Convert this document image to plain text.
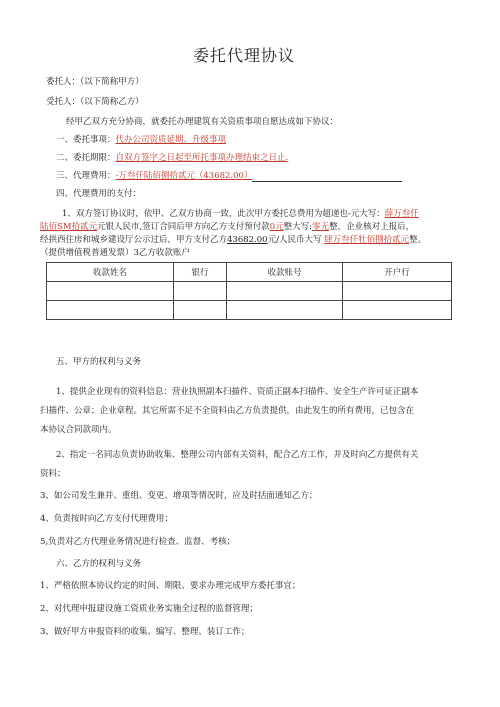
委托代理协议
委托人：（以下简称甲方）
受托人：（以下简称乙方）
经甲乙双方充分协商，就委托办理建筑有关资质事项自愿达成如下协议：
一、委托事项：代办公司资质延期、升级事项
二、委托期限：自双方签字之日起至所托事项办理结束之日止.
三、代理费用：-万叁仟陆佰捌拾贰元（43682.00）
四、代理费用的支付：
1、双方签订协议时，依甲、乙双方协商一致，此次甲方委托总费用为超递也-元大写：薛万叁仟
陆佰SM拾贰元元银人民市,签订合同后甲方向乙方支付预付款0元整大写:零无整，企业核对上报后，
经拱西住房和城乡建设厅公示过后，甲方支付乙方43682.00元/人民币大写 肆万叁仟牡佰捌拾贰元整。
（提供增值税普通发票）3乙方收款账户
收款姓名	银行	收款账号	开户行

五、甲方的权利与义务
1、提供企业现有的资料信息：营业执照副本扫描件、资质正副本扫描件、安全生产许可证正副本
扫描件、公章；企业章程。其它所需不足不全资料由乙方负责提供，由此发生的所有费用，已包含在
本协议合同款项内。
2、指定一名同志负责协助收集、整理公司内部有关资料，配合乙方工作，并及时向乙方提供有关
资料；
3、如公司发生兼并、重组、变更、增项等情况时，应及时括面通知乙方；
4、负责按时向乙方支付代理费用；
5,负责对乙方代理业务情况进行检查、监督、考核；
六、乙方的权利与义务
1、严格依照本协议约定的时间、期限、要求办理完成甲方委托事宜；
2、对代理申报建设施工资质业务实施全过程的监督管理；
3、做好甲方申报资料的收集、编写、整理、装订工作；
